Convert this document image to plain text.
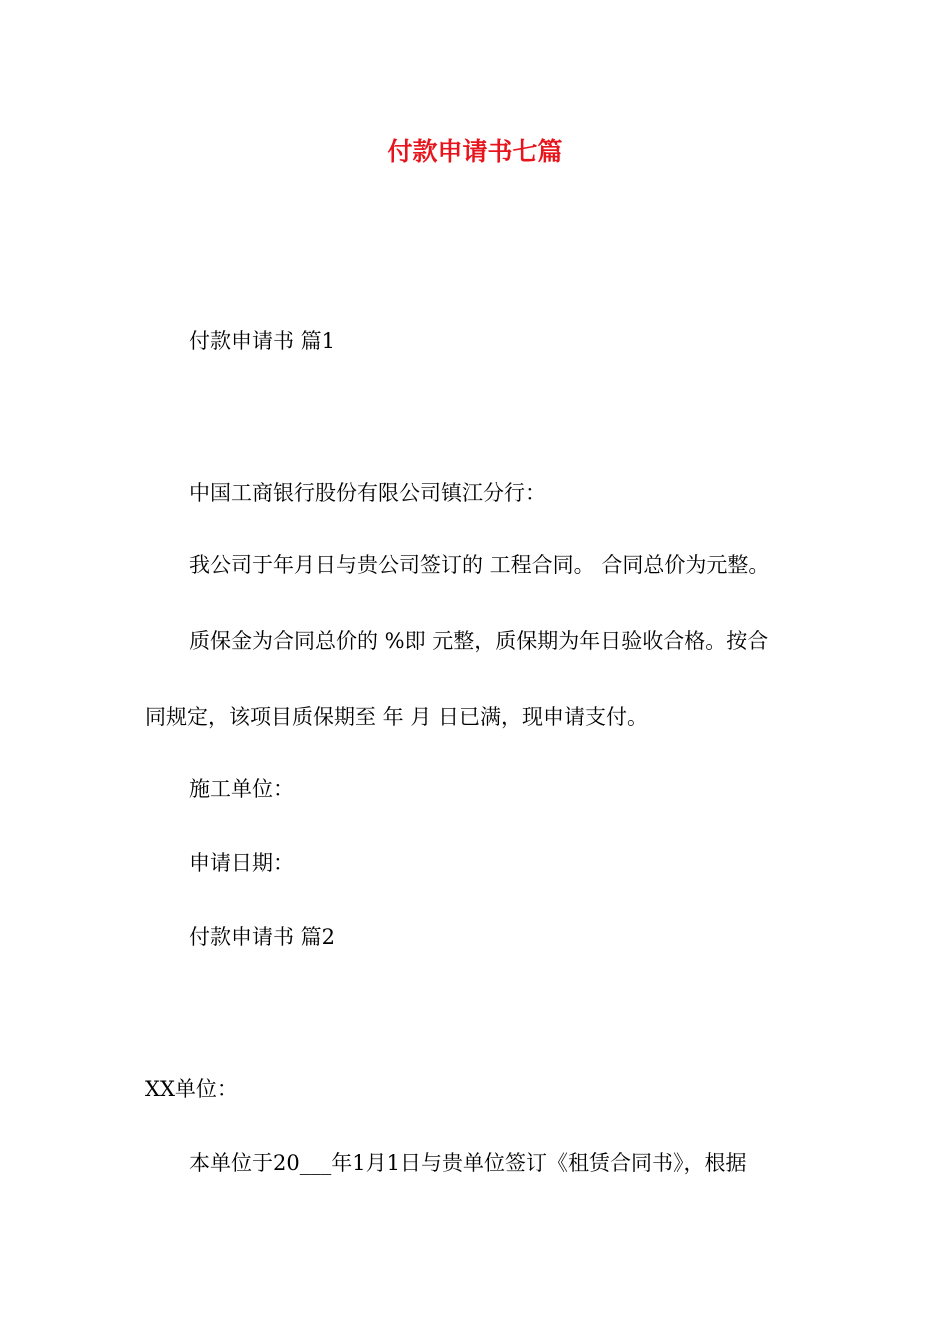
付款申请书七篇

付款申请书 篇1

中国工商银行股份有限公司镇江分行：

我公司于年月日与贵公司签订的 工程合同。 合同总价为元整。

质保金为合同总价的 %即 元整，质保期为年日验收合格。按合

同规定，该项目质保期至 年 月 日已满，现申请支付。

施工单位：

申请日期：

付款申请书 篇2

XX单位：

本单位于20___年1月1日与贵单位签订《租赁合同书》，根据
